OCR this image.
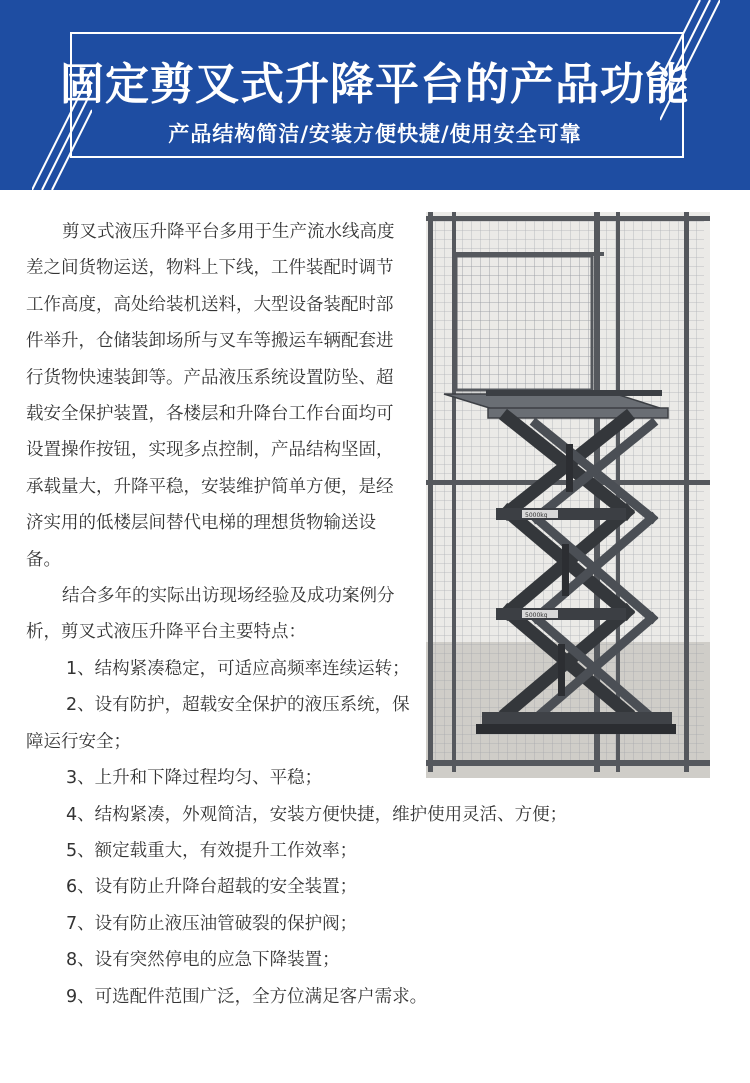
固定剪叉式升降平台的产品功能

产品结构简洁/安装方便快捷/使用安全可靠

剪叉式液压升降平台多用于生产流水线高度差之间货物运送，物料上下线，工件装配时调节工作高度，高处给装机送料，大型设备装配时部件举升，仓储装卸场所与叉车等搬运车辆配套进行货物快速装卸等。产品液压系统设置防坠、超载安全保护装置，各楼层和升降台工作台面均可设置操作按钮，实现多点控制，产品结构坚固，承载量大，升降平稳，安装维护简单方便，是经济实用的低楼层间替代电梯的理想货物输送设备。

结合多年的实际出访现场经验及成功案例分析，剪叉式液压升降平台主要特点：

1、结构紧凑稳定，可适应高频率连续运转；

2、设有防护，超载安全保护的液压系统，保障运行安全；

3、上升和下降过程均匀、平稳；

4、结构紧凑，外观简洁，安装方便快捷，维护使用灵活、方便；

5、额定载重大，有效提升工作效率；

6、设有防止升降台超载的安全装置；

7、设有防止液压油管破裂的保护阀；

8、设有突然停电的应急下降装置；

9、可选配件范围广泛，全方位满足客户需求。

5000kg
5000kg
